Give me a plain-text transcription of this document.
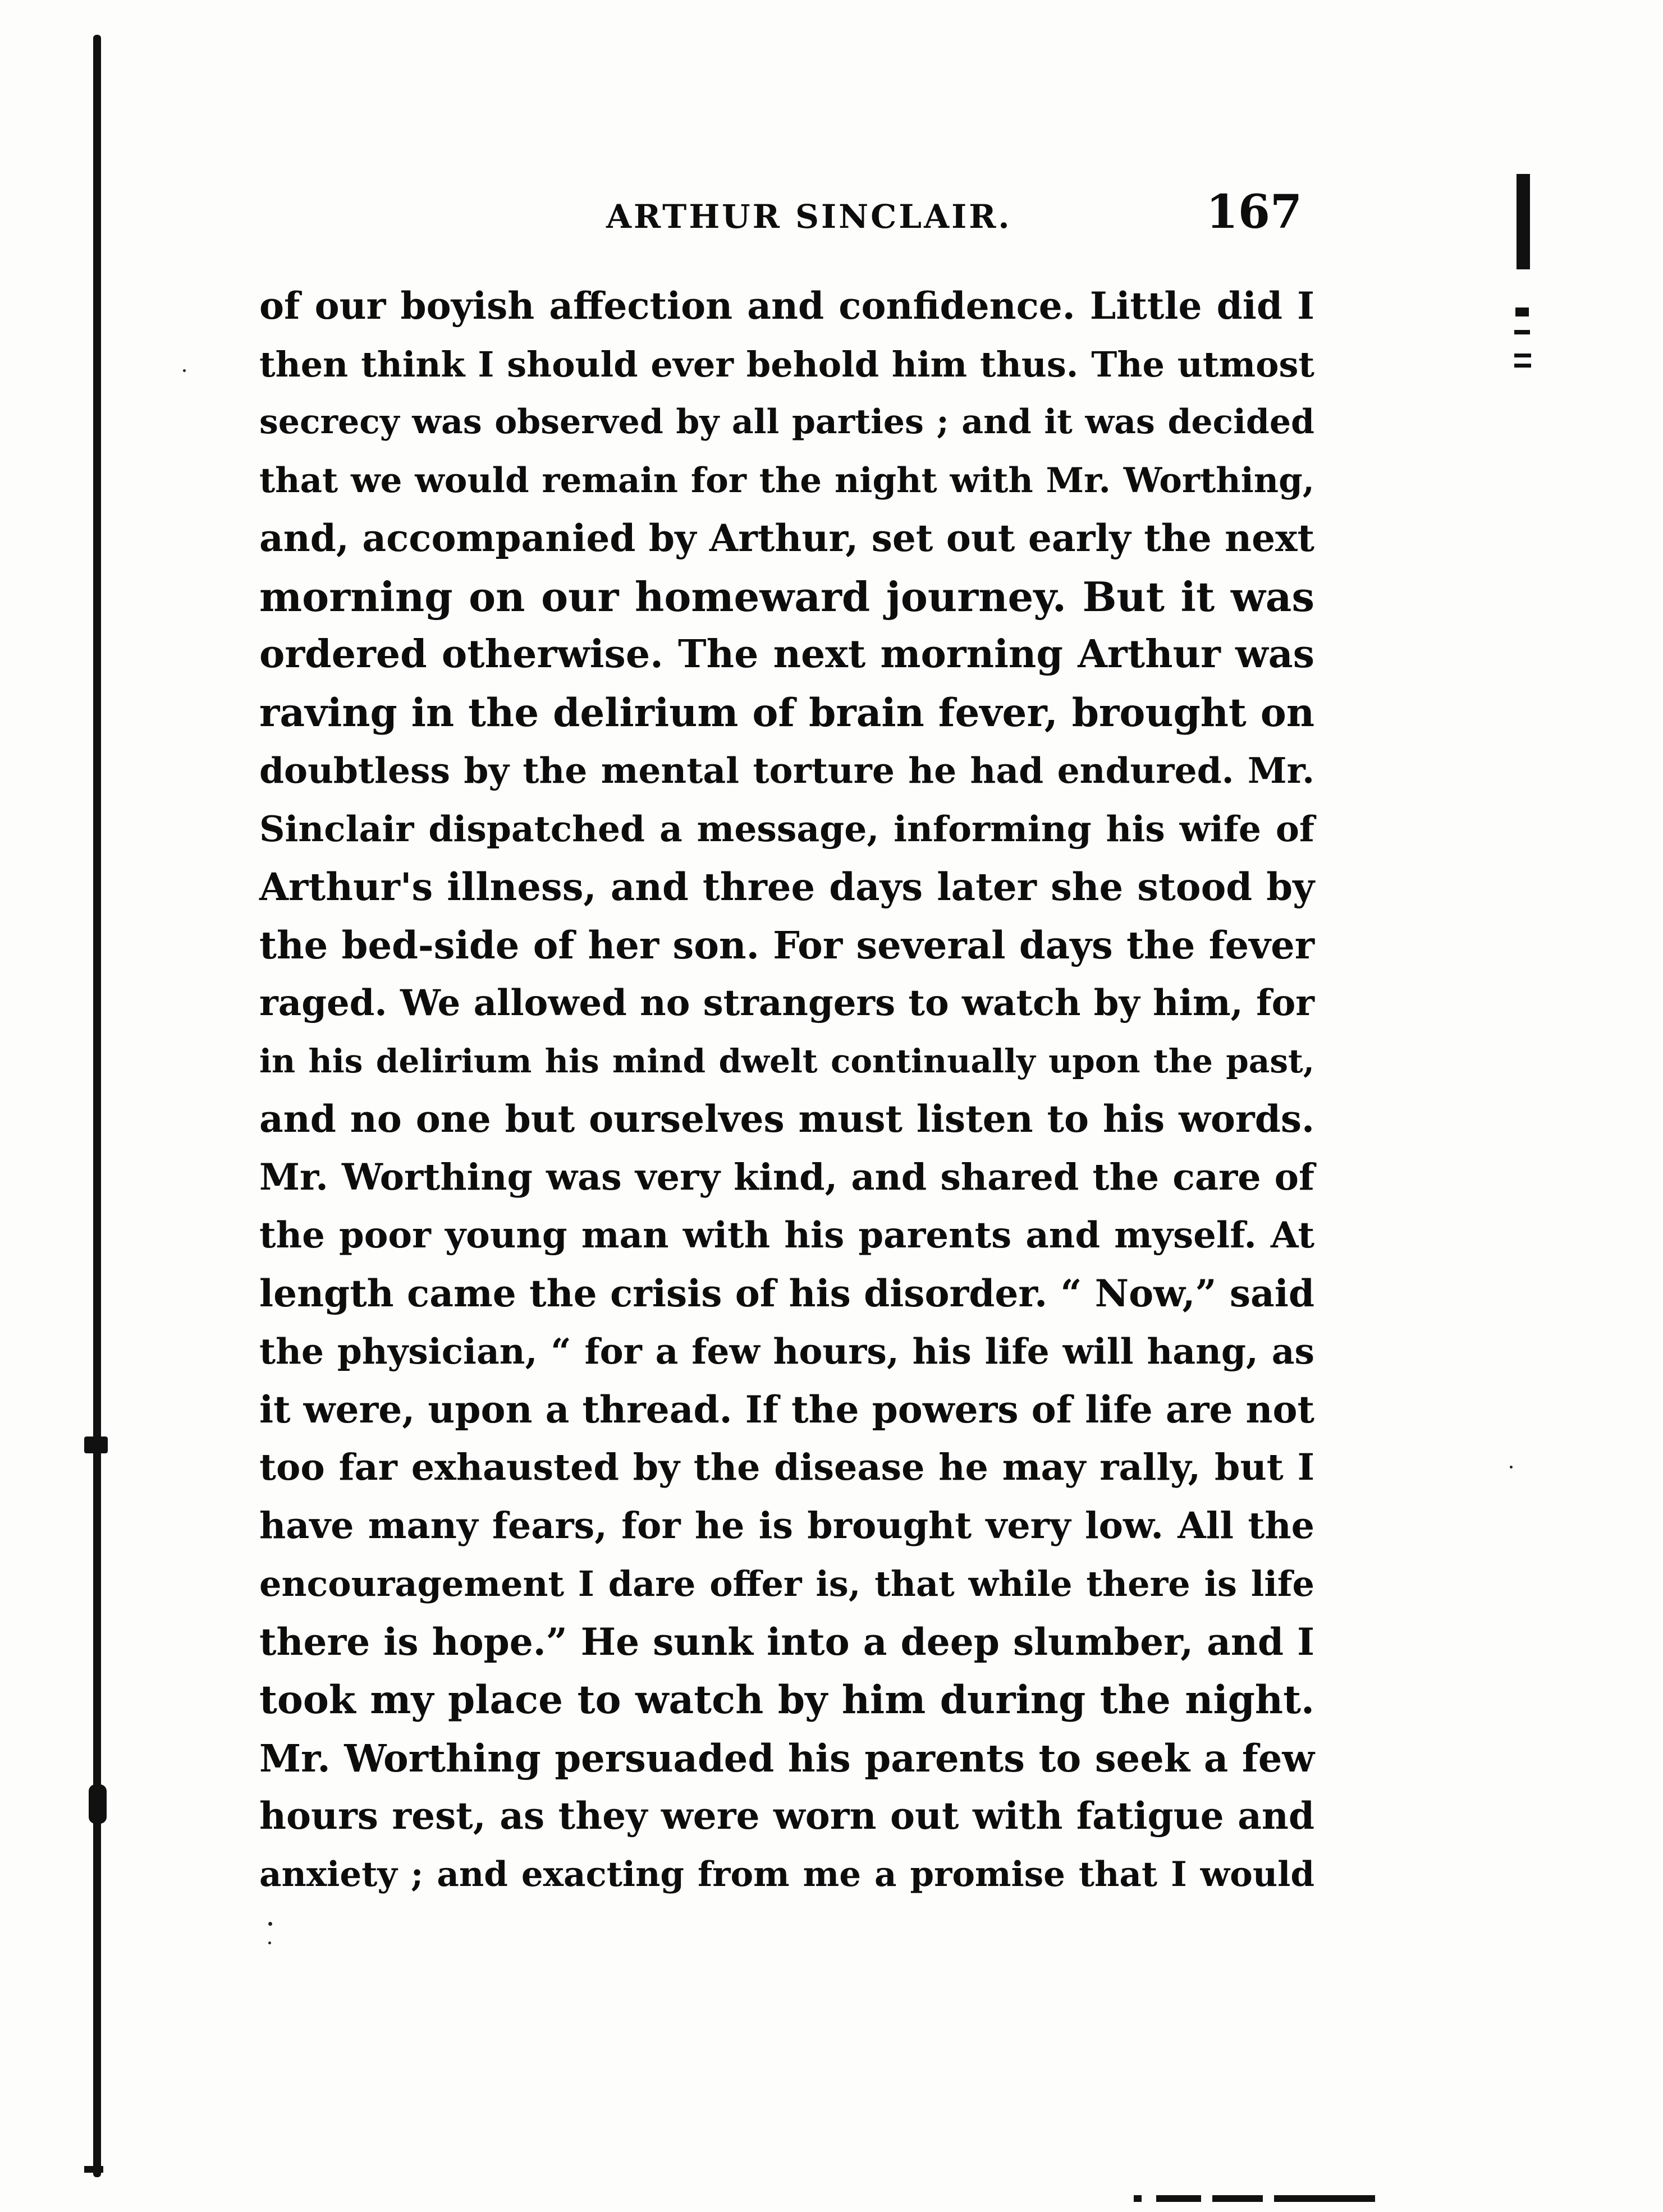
ARTHUR SINCLAIR.	167
of our boyish affection and confidence. Little did I
then think I should ever behold him thus. The utmost
secrecy was observed by all parties ; and it was decided
that we would remain for the night with Mr. Worthing,
and, accompanied by Arthur, set out early the next
morning on our homeward journey. But it was
ordered otherwise. The next morning Arthur was
raving in the delirium of brain fever, brought on
doubtless by the mental torture he had endured. Mr.
Sinclair dispatched a message, informing his wife of
Arthur's illness, and three days later she stood by
the bed-side of her son. For several days the fever
raged. We allowed no strangers to watch by him, for
in his delirium his mind dwelt continually upon the past,
and no one but ourselves must listen to his words.
Mr. Worthing was very kind, and shared the care of
the poor young man with his parents and myself. At
length came the crisis of his disorder. “ Now,” said
the physician, “ for a few hours, his life will hang, as
it were, upon a thread. If the powers of life are not
too far exhausted by the disease he may rally, but I
have many fears, for he is brought very low. All the
encouragement I dare offer is, that while there is life
there is hope.” He sunk into a deep slumber, and I
took my place to watch by him during the night.
Mr. Worthing persuaded his parents to seek a few
hours rest, as they were worn out with fatigue and
anxiety ; and exacting from me a promise that I would
